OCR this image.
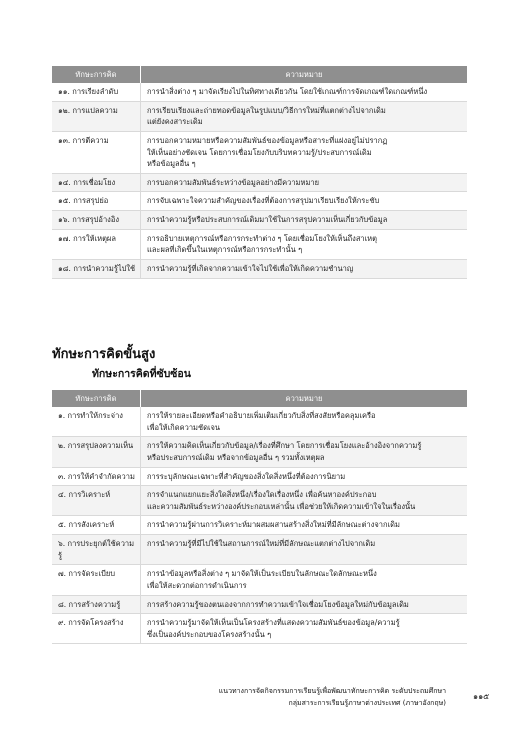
ทักษะการคิด	ความหมาย
๑๑. การเรียงลำดับ	การนำสิ่งต่าง ๆ มาจัดเรียงไปในทิศทางเดียวกัน โดยใช้เกณฑ์การจัดเกณฑ์ใดเกณฑ์หนึ่ง

๑๒. การแปลความ	การเรียบเรียงและถ่ายทอดข้อมูลในรูปแบบ/วิธีการใหม่ที่แตกต่างไปจากเดิม
แต่ยังคงสาระเดิม

๑๓. การตีความ	การบอกความหมายหรือความสัมพันธ์ของข้อมูลหรือสาระที่แฝงอยู่ไม่ปรากฏ
ให้เห็นอย่างชัดเจน โดยการเชื่อมโยงกับบริบทความรู้/ประสบการณ์เดิม
หรือข้อมูลอื่น ๆ

๑๔. การเชื่อมโยง	การบอกความสัมพันธ์ระหว่างข้อมูลอย่างมีความหมาย

๑๕. การสรุปย่อ	การจับเฉพาะใจความสำคัญของเรื่องที่ต้องการสรุปมาเรียบเรียงให้กระชับ

๑๖. การสรุปอ้างอิง	การนำความรู้หรือประสบการณ์เดิมมาใช้ในการสรุปความเห็นเกี่ยวกับข้อมูล

๑๗. การให้เหตุผล	การอธิบายเหตุการณ์หรือการกระทำต่าง ๆ โดยเชื่อมโยงให้เห็นถึงสาเหตุ
และผลที่เกิดขึ้นในเหตุการณ์หรือการกระทำนั้น ๆ

๑๘. การนำความรู้ไปใช้	การนำความรู้ที่เกิดจากความเข้าใจไปใช้เพื่อให้เกิดความชำนาญ
ทักษะการคิดขั้นสูง
ทักษะการคิดที่ซับซ้อน
ทักษะการคิด	ความหมาย
๑. การทำให้กระจ่าง	การให้รายละเอียดหรือคำอธิบายเพิ่มเติมเกี่ยวกับสิ่งที่สงสัยหรือคลุมเครือ
เพื่อให้เกิดความชัดเจน

๒. การสรุปลงความเห็น	การให้ความคิดเห็นเกี่ยวกับข้อมูล/เรื่องที่ศึกษา โดยการเชื่อมโยงและอ้างอิงจากความรู้
หรือประสบการณ์เดิม หรือจากข้อมูลอื่น ๆ รวมทั้งเหตุผล

๓. การให้คำจำกัดความ	การระบุลักษณะเฉพาะที่สำคัญของสิ่งใดสิ่งหนึ่งที่ต้องการนิยาม

๔. การวิเคราะห์	การจำแนกแยกแยะสิ่งใดสิ่งหนึ่ง/เรื่องใดเรื่องหนึ่ง เพื่อค้นหาองค์ประกอบ
และความสัมพันธ์ระหว่างองค์ประกอบเหล่านั้น เพื่อช่วยให้เกิดความเข้าใจในเรื่องนั้น

๕. การสังเคราะห์	การนำความรู้ผ่านการวิเคราะห์มาผสมผสานสร้างสิ่งใหม่ที่มีลักษณะต่างจากเดิม

๖. การประยุกต์ใช้ความรู้	การนำความรู้ที่มีไปใช้ในสถานการณ์ใหม่ที่มีลักษณะแตกต่างไปจากเดิม

๗. การจัดระเบียบ	การนำข้อมูลหรือสิ่งต่าง ๆ มาจัดให้เป็นระเบียบในลักษณะใดลักษณะหนึ่ง
เพื่อให้สะดวกต่อการดำเนินการ

๘. การสร้างความรู้	การสร้างความรู้ของตนเองจากการทำความเข้าใจเชื่อมโยงข้อมูลใหม่กับข้อมูลเดิม

๙. การจัดโครงสร้าง	การนำความรู้มาจัดให้เห็นเป็นโครงสร้างที่แสดงความสัมพันธ์ของข้อมูล/ความรู้
ซึ่งเป็นองค์ประกอบของโครงสร้างนั้น ๆ
แนวทางการจัดกิจกรรมการเรียนรู้เพื่อพัฒนาทักษะการคิด ระดับประถมศึกษา
กลุ่มสาระการเรียนรู้ภาษาต่างประเทศ (ภาษาอังกฤษ)
๑๑๕
